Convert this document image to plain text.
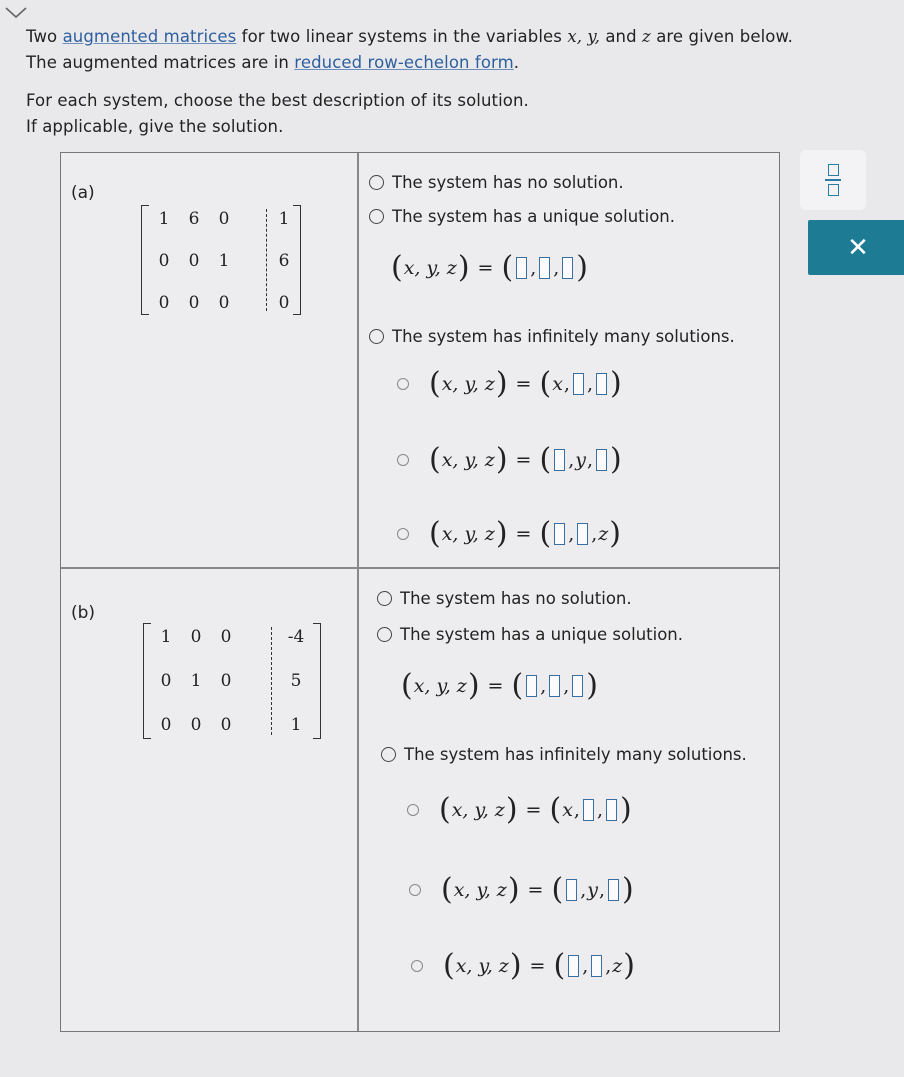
Two augmented matrices for two linear systems in the variables x, y, and z are given below.
The augmented matrices are in reduced row-echelon form.
For each system, choose the best description of its solution.
If applicable, give the solution.
✕
(a)
1	6	0	1
0	0	1	6
0	0	0	0
The system has no solution.
The system has a unique solution.
( x, y, z ) = ( , , )
The system has infinitely many solutions.
( x, y, z ) = ( x , , )
( x, y, z ) = ( , y , )
( x, y, z ) = ( , , z )
(b)
1	0	0	-4
0	1	0	5
0	0	0	1
The system has no solution.
The system has a unique solution.
( x, y, z ) = ( , , )
The system has infinitely many solutions.
( x, y, z ) = ( x , , )
( x, y, z ) = ( , y , )
( x, y, z ) = ( , , z )
